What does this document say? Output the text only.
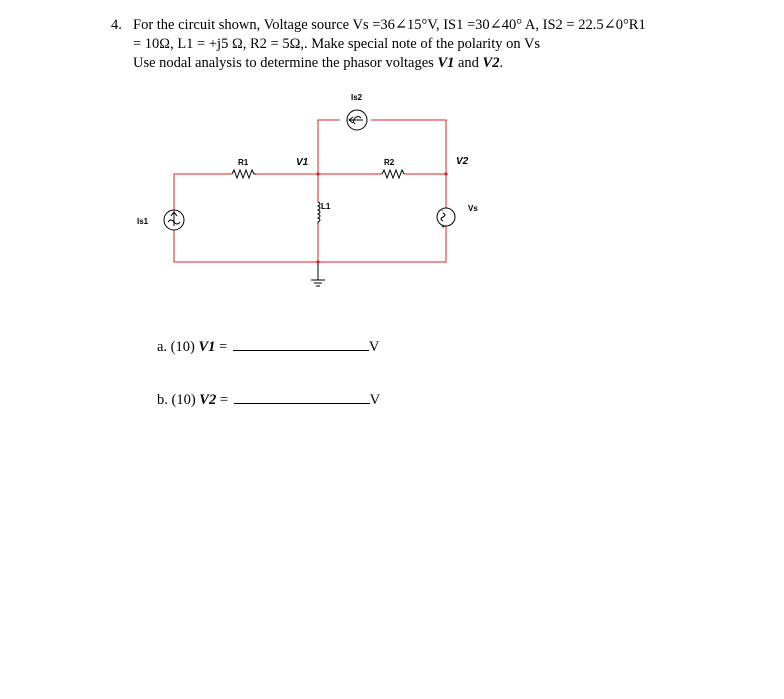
4. For the circuit shown, Voltage source Vs =36∠15°V, IS1 =30∠40° A, IS2 = 22.5∠0°R1
= 10Ω, L1 = +j5 Ω, R2 = 5Ω,. Make special note of the polarity on Vs
Use nodal analysis to determine the phasor voltages V1 and V2.
-
+
Is1
Is2
R1	R2
L1	Vs
V1	V2
a. (10) V1 =	V
b. (10) V2 =	V
